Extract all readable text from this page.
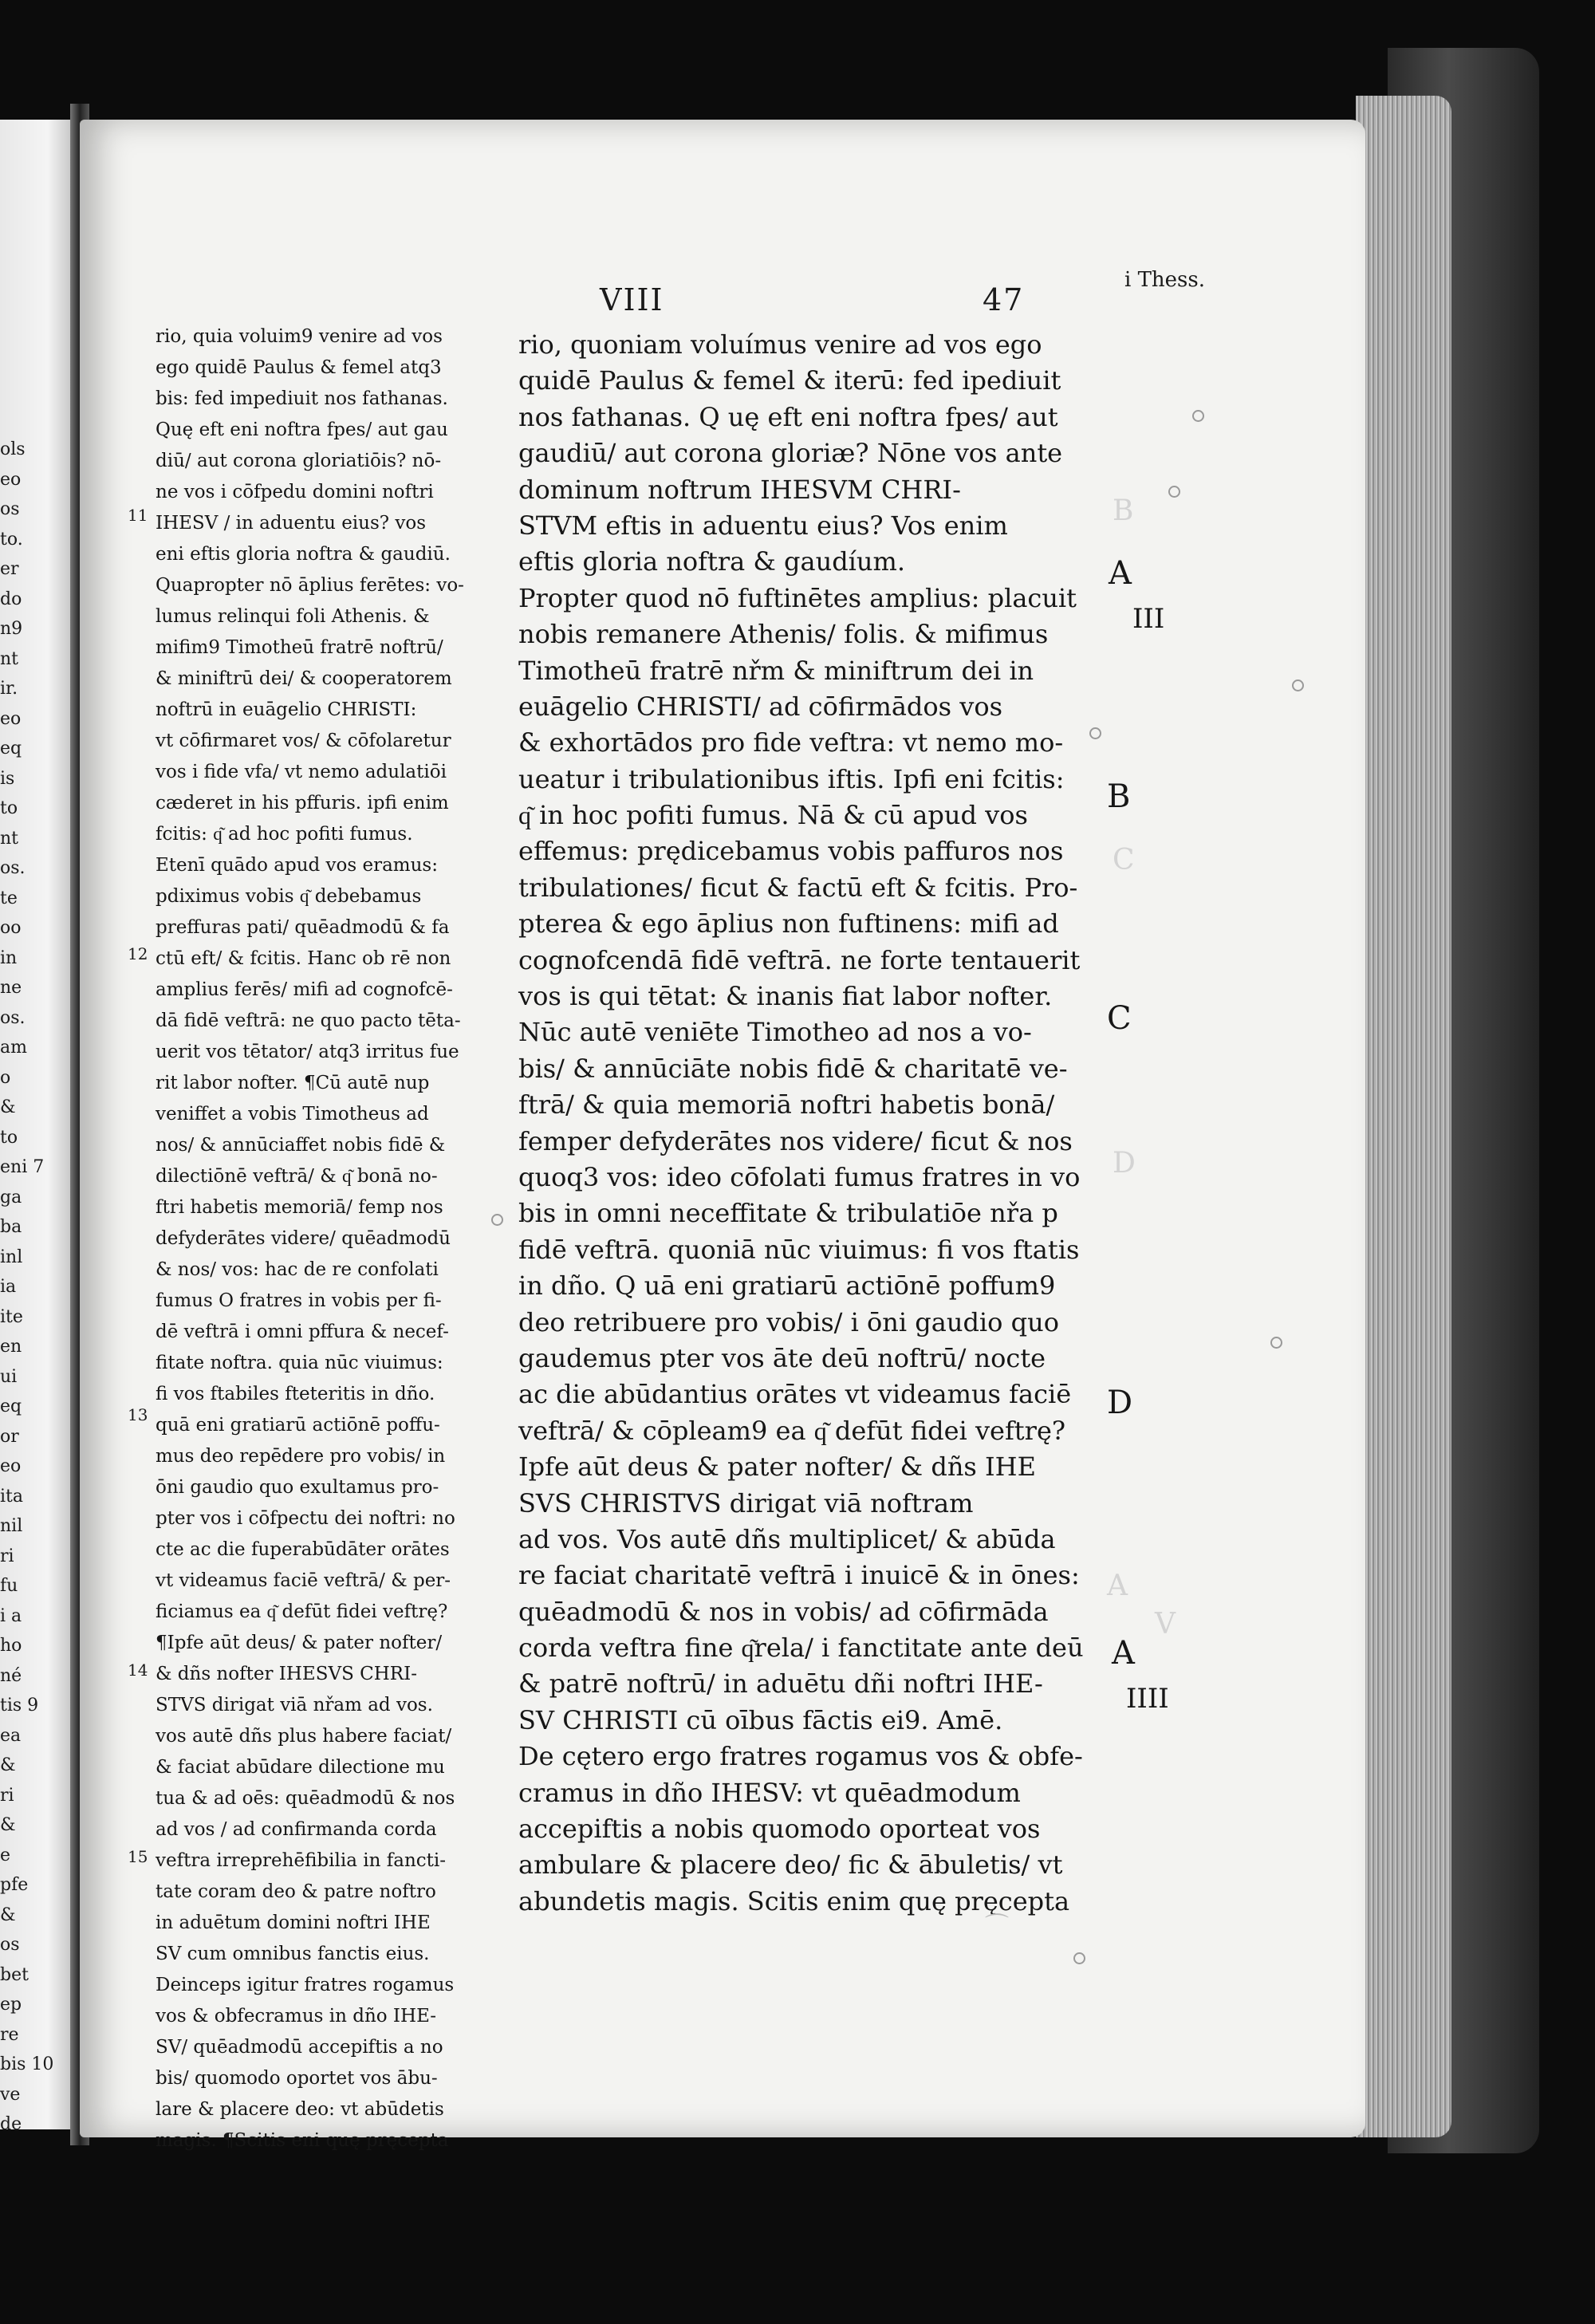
ols
eo
os
to.
er
do
n9
nt
ir.
eo
eq
is
to
nt
os.
te
oo
in
ne
os.
am
o
&
to
eni 7
ga
ba
inl
ia
ite
en
ui
eq
or
eo
ita
nil
ri
fu
i a
ho
né
tis 9
ea
&
ri
&
e
pfe
&
os
bet
ep
re
bis 10
ve
de
VIII	47
i Thess.
rio, quia voluim9 venire ad vos
ego quidē Paulus & femel atq3
bis: fed impediuit nos fathanas.
Quę eft eni noftra fpes/ aut gau
diū/ aut corona gloriatiōis? nō-
ne vos i cōfpedu domini noftri
IHESV / in aduentu eius? vos
eni eftis gloria noftra & gaudiū.
Quapropter nō āplius ferētes: vo-
lumus relinqui foli Athenis. &
mifim9 Timotheū fratrē noftrū/
& miniftrū dei/ & cooperatorem
noftrū in euāgelio CHRISTI:
vt cōfirmaret vos/ & cōfolaretur
vos i fide vfa/ vt nemo adulatiōi
cæderet in his pffuris. ipfi enim
fcitis: q͂ ad hoc pofiti fumus.
Etenī quādo apud vos eramus:
pdiximus vobis q͂ debebamus
preffuras pati/ quēadmodū & fa
ctū eft/ & fcitis. Hanc ob rē non
amplius ferēs/ mifi ad cognofcē-
dā fidē veftrā: ne quo pacto tēta-
uerit vos tētator/ atq3 irritus fue
rit labor nofter. ¶Cū autē nup
veniffet a vobis Timotheus ad
nos/ & annūciaffet nobis fidē &
dilectiōnē veftrā/ & q͂ bonā no-
ftri habetis memoriā/ femp nos
defyderātes videre/ quēadmodū
& nos/ vos: hac de re confolati
fumus O fratres in vobis per fi-
dē veftrā i omni pffura & necef-
fitate noftra. quia nūc viuimus:
fi vos ftabiles fteteritis in dño.
quā eni gratiarū actiōnē poffu-
mus deo repēdere pro vobis/ in
ōni gaudio quo exultamus pro-
pter vos i cōfpectu dei noftri: no
cte ac die fuperabūdāter orātes
vt videamus faciē veftrā/ & per-
ficiamus ea q͂ defūt fidei veftrę?
¶Ipfe aūt deus/ & pater nofter/
& dñs nofter IHESVS CHRI-
STVS dirigat viā nřam ad vos.
vos autē dñs plus habere faciat/
& faciat abūdare dilectione mu
tua & ad oēs: quēadmodū & nos
ad vos / ad confirmanda corda
veftra irreprehēfibilia in fancti-
tate coram deo & patre noftro
in aduētum domini noftri IHE
SV cum omnibus fanctis eius.
Deinceps igitur fratres rogamus
vos & obfecramus in dño IHE-
SV/ quēadmodū accepiftis a no
bis/ quomodo oportet vos ābu-
lare & placere deo: vt abūdetis
magis. ¶Scitis eni quę pręcepta
11
12
13
14
15
rio, quoniam voluímus venire ad vos ego
quidē Paulus & femel & iterū: fed ipediuit
nos fathanas. Q uę eft eni noftra fpes/ aut
gaudiū/ aut corona gloriæ? Nōne vos ante
dominum noftrum IHESVM CHRI-
STVM eftis in aduentu eius? Vos enim
eftis gloria noftra & gaudíum.
Propter quod nō fuftinētes amplius: placuit
nobis remanere Athenis/ folis. & mifimus
Timotheū fratrē nřm & miniftrum dei in
euāgelio CHRISTI/ ad cōfirmādos vos
& exhortādos pro fide veftra: vt nemo mo-
ueatur i tribulationibus iftis. Ipfi eni fcitis:
q͂ in hoc pofiti fumus. Nā & cū apud vos
effemus: prędicebamus vobis paffuros nos
tribulationes/ ficut & factū eft & fcitis. Pro-
pterea & ego āplius non fuftinens: mifi ad
cognofcendā fidē veftrā. ne forte tentauerit
vos is qui tētat: & inanis fiat labor nofter.
Nūc autē veniēte Timotheo ad nos a vo-
bis/ & annūciāte nobis fidē & charitatē ve-
ftrā/ & quia memoriā noftri habetis bonā/
femper defyderātes nos videre/ ficut & nos
quoq3 vos: ideo cōfolati fumus fratres in vo
bis in omni neceffitate & tribulatiōe nřa p
fidē veftrā. quoniā nūc viuimus: fi vos ftatis
in dño. Q uā eni gratiarū actiōnē poffum9
deo retribuere pro vobis/ i ōni gaudio quo
gaudemus pter vos āte deū noftrū/ nocte
ac die abūdantius orātes vt videamus faciē
veftrā/ & cōpleam9 ea q͂ defūt fidei veftrę?
Ipfe aūt deus & pater nofter/ & dñs IHE
SVS CHRISTVS dirigat viā noftram
ad vos. Vos autē dñs multiplicet/ & abūda
re faciat charitatē veftrā i inuicē & in ōnes:
quēadmodū & nos in vobis/ ad cōfirmāda
corda veftra fine q͂rela/ i fanctitate ante deū
& patrē noftrū/ in aduētu dñi noftri IHE-
SV CHRISTI cū oībus fāctis ei9. Amē.
De cętero ergo fratres rogamus vos & obfe-
cramus in dño IHESV: vt quēadmodum
accepiftis a nobis quomodo oporteat vos
ambulare & placere deo/ fic & ābuletis/ vt
abundetis magis. Scitis enim quę pręcepta
A
III
B
C
D
A
IIII
B
C
D
A
V
⌒
